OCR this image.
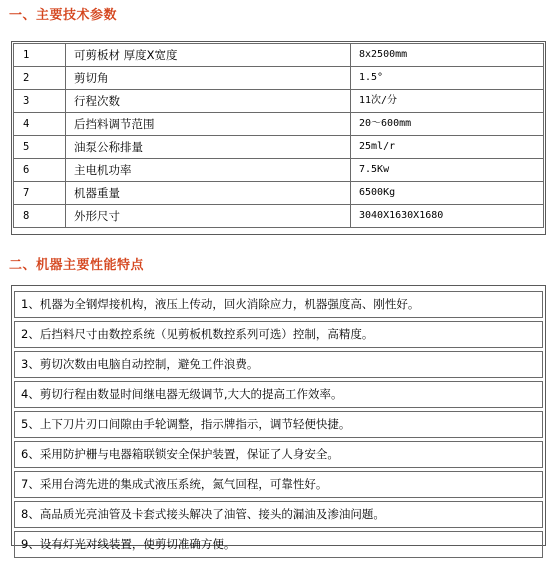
一、主要技术参数
1	可剪板材 厚度X宽度	8x2500mm
2	剪切角	1.5°
3	行程次数	11次/分
4	后挡料调节范围	20～600mm
5	油泵公称排量	25ml/r
6	主电机功率	7.5Kw
7	机器重量	6500Kg
8	外形尺寸	3040X1630X1680
二、机器主要性能特点
1、机器为全钢焊接机构，液压上传动，回火消除应力，机器强度高、刚性好。
2、后挡料尺寸由数控系统（见剪板机数控系列可选）控制，高精度。
3、剪切次数由电脑自动控制，避免工件浪费。
4、剪切行程由数显时间继电器无级调节,大大的提高工作效率。
5、上下刀片刃口间隙由手轮调整，指示牌指示，调节轻便快捷。
6、采用防护栅与电器箱联锁安全保护装置，保证了人身安全。
7、采用台湾先进的集成式液压系统，氮气回程，可靠性好。
8、高品质光亮油管及卡套式接头解决了油管、接头的漏油及渗油问题。
9、设有灯光对线装置，使剪切准确方便。
